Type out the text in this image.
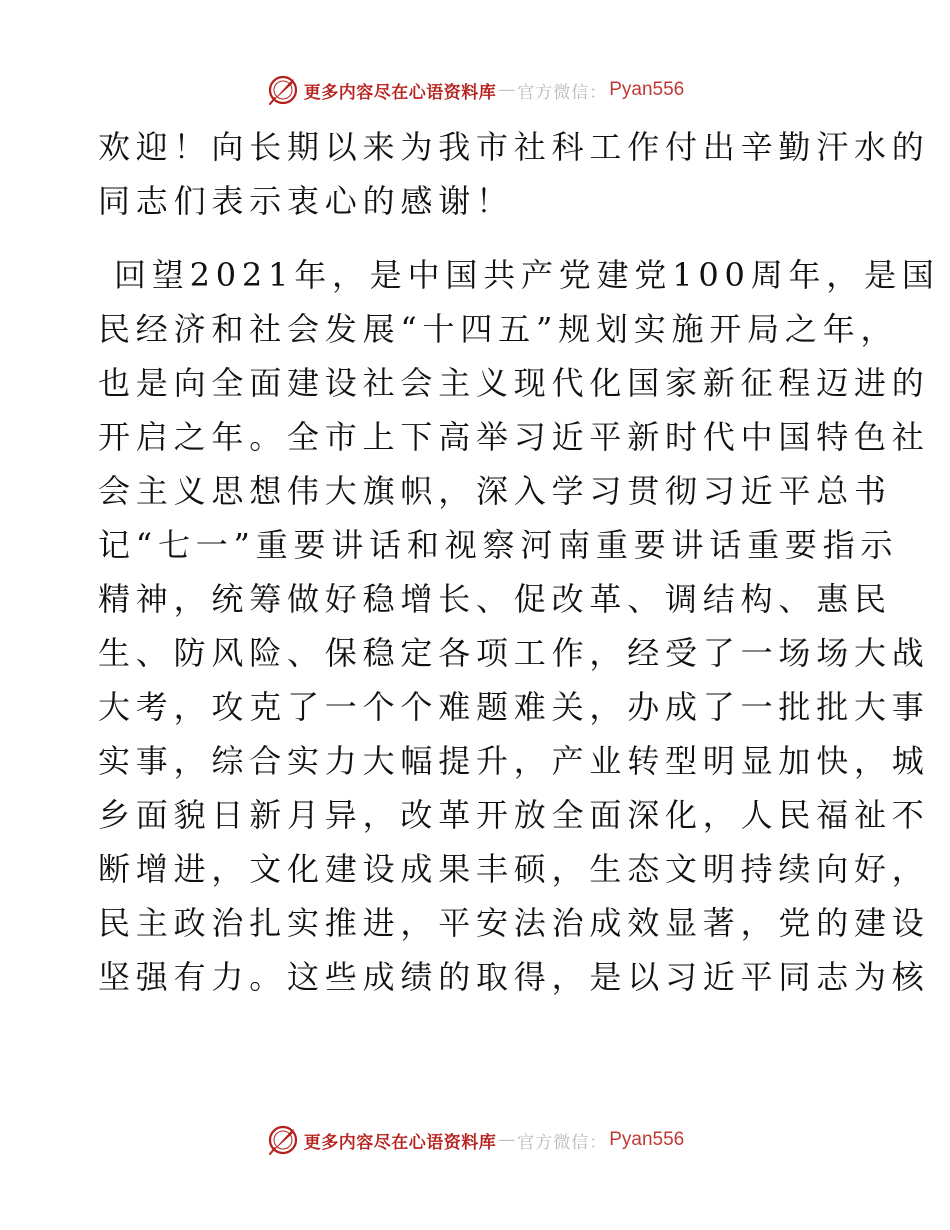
更多内容尽在心语资料库 — 官方微信： Pyan556
欢迎！向长期以来为我市社科工作付出辛勤汗水的
同志们表示衷心的感谢！
回望2021年，是中国共产党建党100周年，是国
民经济和社会发展“十四五”规划实施开局之年，
也是向全面建设社会主义现代化国家新征程迈进的
开启之年。全市上下高举习近平新时代中国特色社
会主义思想伟大旗帜，深入学习贯彻习近平总书
记“七一”重要讲话和视察河南重要讲话重要指示
精神，统筹做好稳增长、促改革、调结构、惠民
生、防风险、保稳定各项工作，经受了一场场大战
大考，攻克了一个个难题难关，办成了一批批大事
实事，综合实力大幅提升，产业转型明显加快，城
乡面貌日新月异，改革开放全面深化，人民福祉不
断增进，文化建设成果丰硕，生态文明持续向好，
民主政治扎实推进，平安法治成效显著，党的建设
坚强有力。这些成绩的取得，是以习近平同志为核
更多内容尽在心语资料库 — 官方微信： Pyan556
